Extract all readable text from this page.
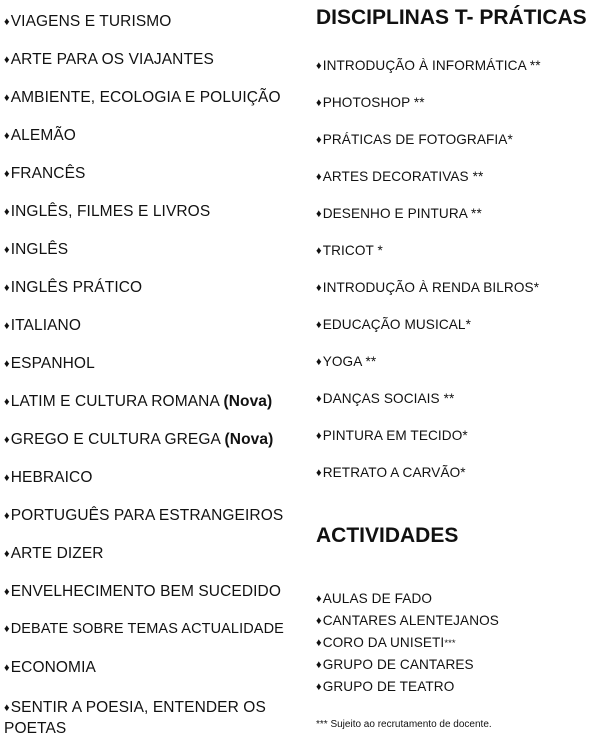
♦VIAGENS E TURISMO
♦ARTE PARA OS VIAJANTES
♦AMBIENTE, ECOLOGIA E POLUIÇÃO
♦ALEMÃO
♦FRANCÊS
♦INGLÊS, FILMES E LIVROS
♦INGLÊS
♦INGLÊS PRÁTICO
♦ITALIANO
♦ESPANHOL
♦LATIM E CULTURA ROMANA (Nova)
♦GREGO E CULTURA GREGA (Nova)
♦HEBRAICO
♦PORTUGUÊS PARA ESTRANGEIROS
♦ARTE DIZER
♦ENVELHECIMENTO BEM SUCEDIDO
♦DEBATE SOBRE TEMAS ACTUALIDADE
♦ECONOMIA
♦SENTIR A POESIA, ENTENDER OS POETAS
DISCIPLINAS T- PRÁTICAS
♦INTRODUÇÃO À INFORMÁTICA **
♦PHOTOSHOP **
♦PRÁTICAS DE FOTOGRAFIA*
♦ARTES DECORATIVAS **
♦DESENHO E PINTURA **
♦TRICOT *
♦INTRODUÇÃO À RENDA BILROS*
♦EDUCAÇÃO MUSICAL*
♦YOGA **
♦DANÇAS SOCIAIS **
♦PINTURA EM TECIDO*
♦RETRATO A CARVÃO*
ACTIVIDADES
♦AULAS DE FADO
♦CANTARES ALENTEJANOS
♦CORO DA UNISETI***
♦GRUPO DE CANTARES
♦GRUPO DE TEATRO
*** Sujeito ao recrutamento de docente.
